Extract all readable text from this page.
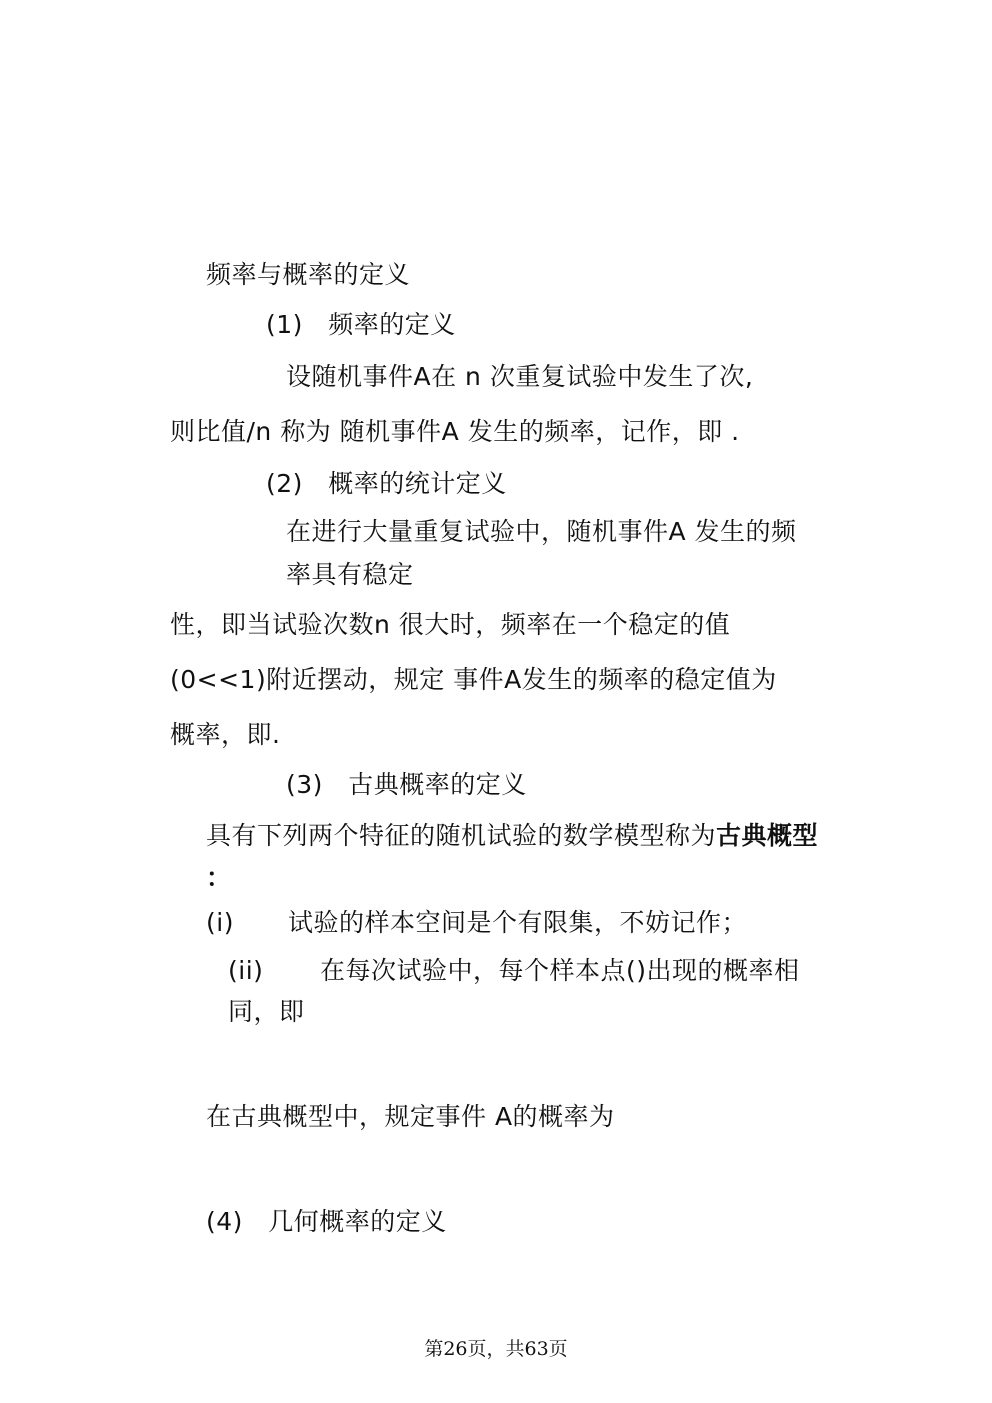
频率与概率的定义
(1) 频率的定义
设随机事件A在 n 次重复试验中发生了次,
则比值/n 称为 随机事件A 发生的频率，记作，即 .
(2) 概率的统计定义
在进行大量重复试验中，随机事件A 发生的频
率具有稳定
性，即当试验次数n 很大时，频率在一个稳定的值
(0<<1)附近摆动，规定 事件A发生的频率的稳定值为
概率，即.
(3) 古典概率的定义
具有下列两个特征的随机试验的数学模型称为古典概型
：
(i) 试验的样本空间是个有限集，不妨记作；
(ii) 在每次试验中，每个样本点()出现的概率相
同，即
在古典概型中，规定事件 A的概率为
(4) 几何概率的定义
第26页，共63页
